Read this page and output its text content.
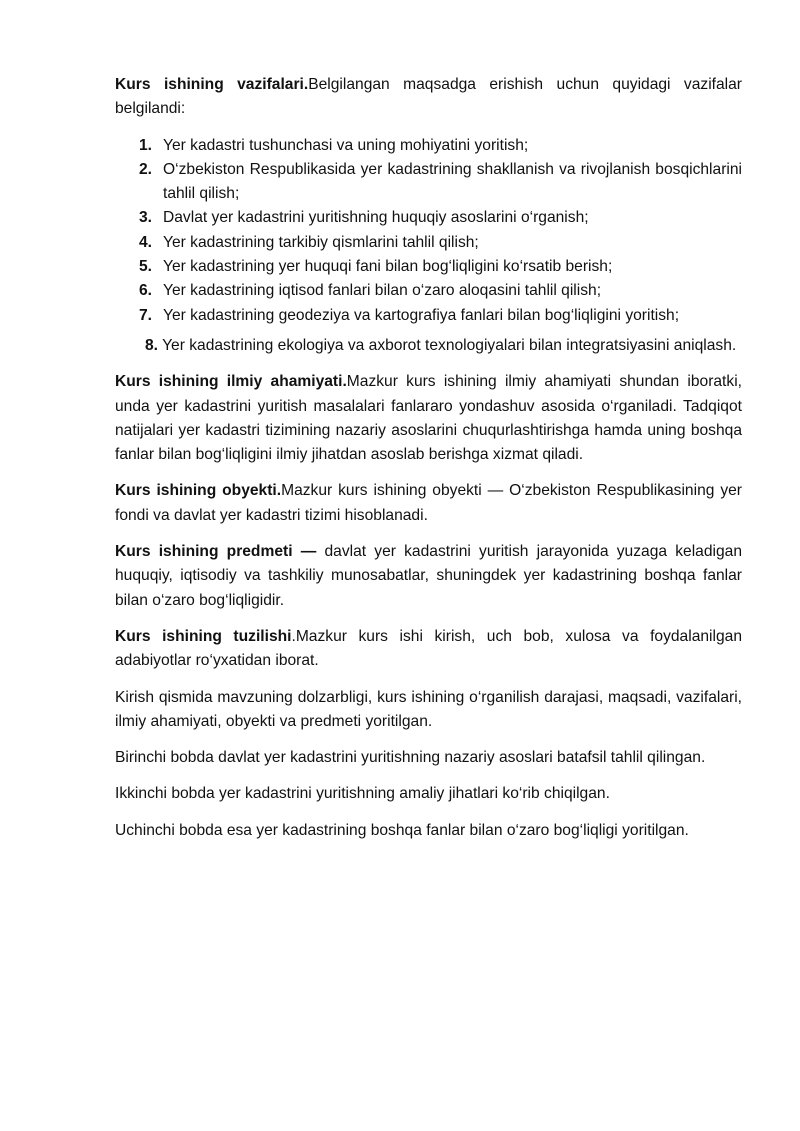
Kurs ishining vazifalari.Belgilangan maqsadga erishish uchun quyidagi vazifalar belgilandi:

1. Yer kadastri tushunchasi va uning mohiyatini yoritish;
2. O‘zbekiston Respublikasida yer kadastrining shakllanish va rivojlanish bosqichlarini tahlil qilish;
3. Davlat yer kadastrini yuritishning huquqiy asoslarini o‘rganish;
4. Yer kadastrining tarkibiy qismlarini tahlil qilish;
5. Yer kadastrining yer huquqi fani bilan bog‘liqligini ko‘rsatib berish;
6. Yer kadastrining iqtisod fanlari bilan o‘zaro aloqasini tahlil qilish;
7. Yer kadastrining geodeziya va kartografiya fanlari bilan bog‘liqligini yoritish;

8. Yer kadastrining ekologiya va axborot texnologiyalari bilan integratsiyasini aniqlash.

Kurs ishining ilmiy ahamiyati.Mazkur kurs ishining ilmiy ahamiyati shundan iboratki, unda yer kadastrini yuritish masalalari fanlararo yondashuv asosida o‘rganiladi. Tadqiqot natijalari yer kadastri tizimining nazariy asoslarini chuqurlashtirishga hamda uning boshqa fanlar bilan bog‘liqligini ilmiy jihatdan asoslab berishga xizmat qiladi.

Kurs ishining obyekti.Mazkur kurs ishining obyekti — O‘zbekiston Respublikasining yer fondi va davlat yer kadastri tizimi hisoblanadi.

Kurs ishining predmeti — davlat yer kadastrini yuritish jarayonida yuzaga keladigan huquqiy, iqtisodiy va tashkiliy munosabatlar, shuningdek yer kadastrining boshqa fanlar bilan o‘zaro bog‘liqligidir.

Kurs ishining tuzilishi.Mazkur kurs ishi kirish, uch bob, xulosa va foydalanilgan adabiyotlar ro‘yxatidan iborat.

Kirish qismida mavzuning dolzarbligi, kurs ishining o‘rganilish darajasi, maqsadi, vazifalari, ilmiy ahamiyati, obyekti va predmeti yoritilgan.

Birinchi bobda davlat yer kadastrini yuritishning nazariy asoslari batafsil tahlil qilingan.

Ikkinchi bobda yer kadastrini yuritishning amaliy jihatlari ko‘rib chiqilgan.

Uchinchi bobda esa yer kadastrining boshqa fanlar bilan o‘zaro bog‘liqligi yoritilgan.
